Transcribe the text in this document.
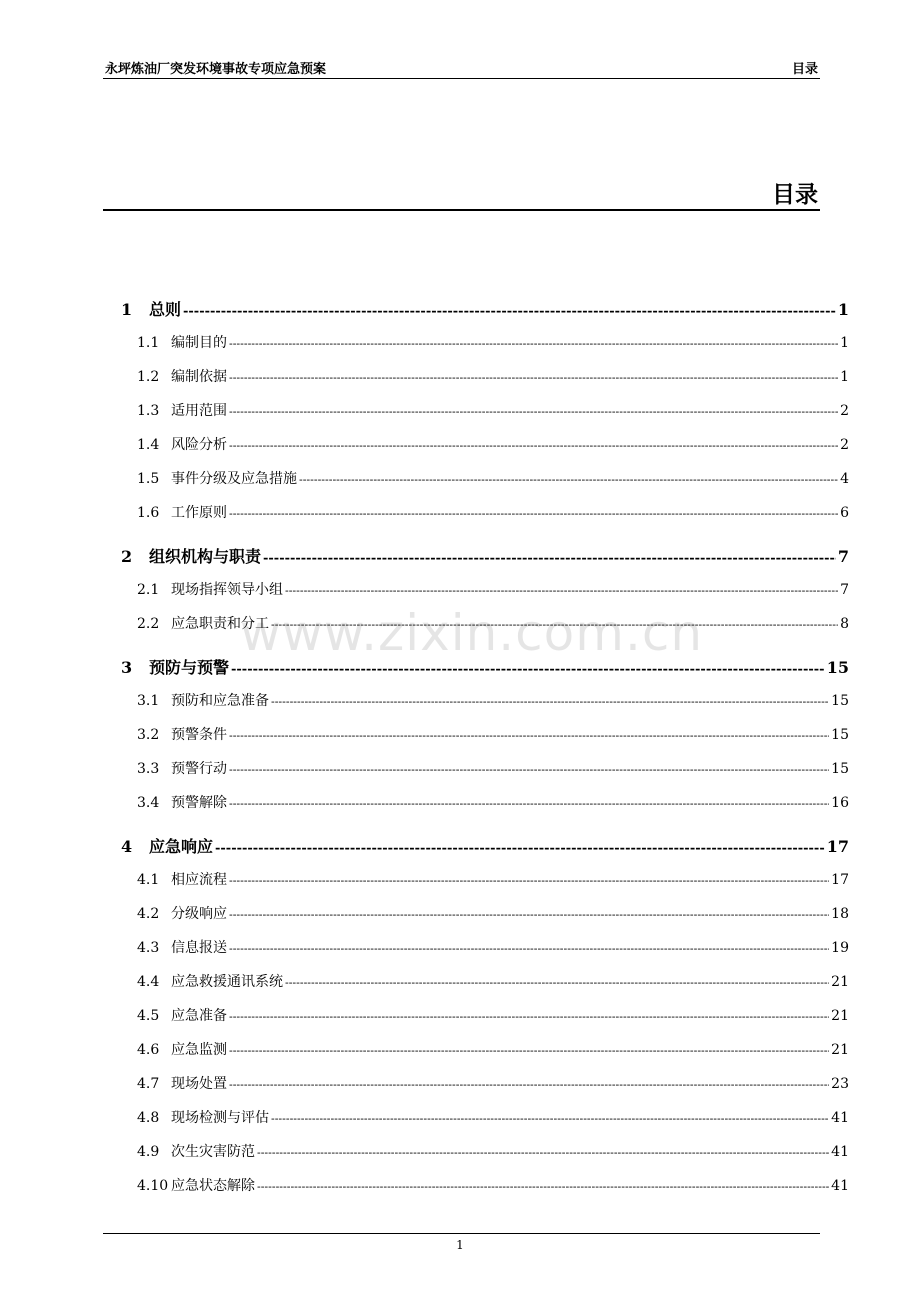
永坪炼油厂突发环境事故专项应急预案	目录
目录
www.zixin.com.cn
1	总则 -----	1
1.1 编制目的 -----	1
1.2 编制依据 -----	1
1.3 适用范围 -----	2
1.4 风险分析 -----	2
1.5 事件分级及应急措施 -----	4
1.6 工作原则 -----	6
2	组织机构与职责 -----	7
2.1 现场指挥领导小组 -----	7
2.2 应急职责和分工 -----	8
3	预防与预警 -----	15
3.1 预防和应急准备 -----	15
3.2 预警条件 -----	15
3.3 预警行动 -----	15
3.4 预警解除 -----	16
4	应急响应 -----	17
4.1 相应流程 -----	17
4.2 分级响应 -----	18
4.3 信息报送 -----	19
4.4 应急救援通讯系统 -----	21
4.5 应急准备 -----	21
4.6 应急监测 -----	21
4.7 现场处置 -----	23
4.8 现场检测与评估 -----	41
4.9 次生灾害防范 -----	41
4.10 应急状态解除 -----	41
1
